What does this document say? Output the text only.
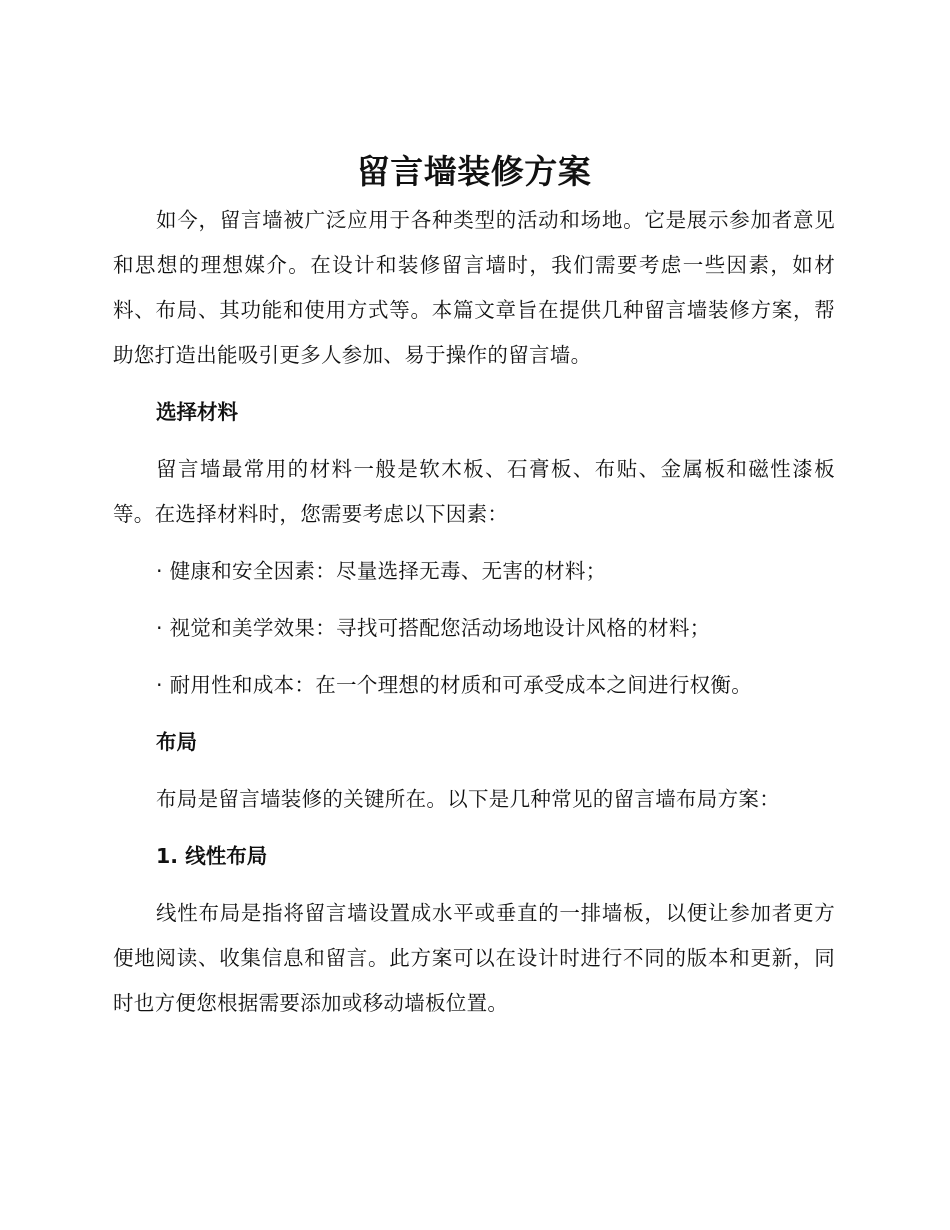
留言墙装修方案

如今，留言墙被广泛应用于各种类型的活动和场地。它是展示参加者意见和思想的理想媒介。在设计和装修留言墙时，我们需要考虑一些因素，如材料、布局、其功能和使用方式等。本篇文章旨在提供几种留言墙装修方案，帮助您打造出能吸引更多人参加、易于操作的留言墙。

选择材料

留言墙最常用的材料一般是软木板、石膏板、布贴、金属板和磁性漆板等。在选择材料时，您需要考虑以下因素：

· 健康和安全因素：尽量选择无毒、无害的材料；

· 视觉和美学效果：寻找可搭配您活动场地设计风格的材料；

· 耐用性和成本：在一个理想的材质和可承受成本之间进行权衡。

布局

布局是留言墙装修的关键所在。以下是几种常见的留言墙布局方案：

1. 线性布局

线性布局是指将留言墙设置成水平或垂直的一排墙板，以便让参加者更方便地阅读、收集信息和留言。此方案可以在设计时进行不同的版本和更新，同时也方便您根据需要添加或移动墙板位置。
